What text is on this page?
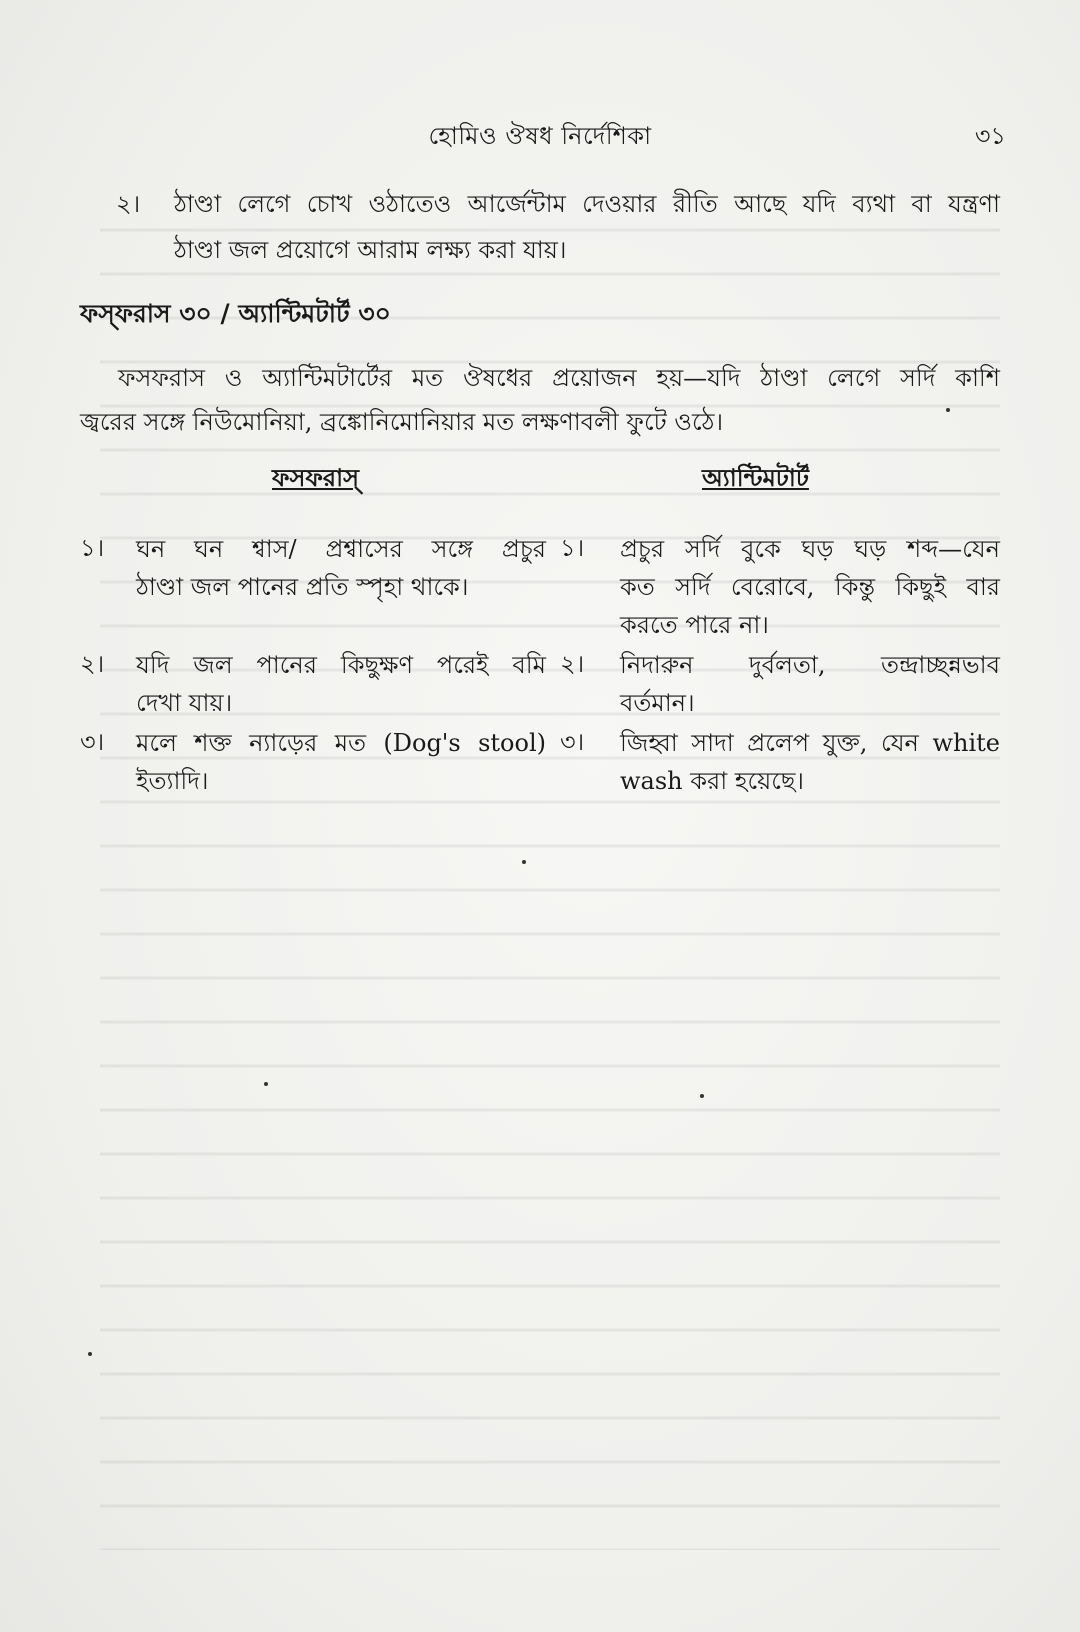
হোমিও ঔষধ নির্দেশিকা	৩১
২। ঠাণ্ডা লেগে চোখ ওঠাতেও আর্জেন্টাম দেওয়ার রীতি আছে যদি ব্যথা বা যন্ত্রণা
ঠাণ্ডা জল প্রয়োগে আরাম লক্ষ্য করা যায়।
ফস্‌ফরাস ৩০ / অ্যান্টিমটার্ট ৩০
ফসফরাস ও অ্যান্টিমটার্টের মত ঔষধের প্রয়োজন হয়—যদি ঠাণ্ডা লেগে সর্দি কাশি
জ্বরের সঙ্গে নিউমোনিয়া, ব্রঙ্কোনিমোনিয়ার মত লক্ষণাবলী ফুটে ওঠে।
ফসফরাস্	অ্যান্টিমটার্ট
১। ঘন ঘন শ্বাস/ প্রশ্বাসের সঙ্গে প্রচুর
ঠাণ্ডা জল পানের প্রতি স্পৃহা থাকে।
২। যদি জল পানের কিছুক্ষণ পরেই বমি
দেখা যায়।
৩। মলে শক্ত ন্যাড়ের মত (Dog's stool)
ইত্যাদি।
১। প্রচুর সর্দি বুকে ঘড় ঘড় শব্দ—যেন
কত সর্দি বেরোবে, কিন্তু কিছুই বার
করতে পারে না।
২। নিদারুন দুর্বলতা, তন্দ্রাচ্ছন্নভাব
বর্তমান।
৩। জিহ্বা সাদা প্রলেপ যুক্ত, যেন white
wash করা হয়েছে।
